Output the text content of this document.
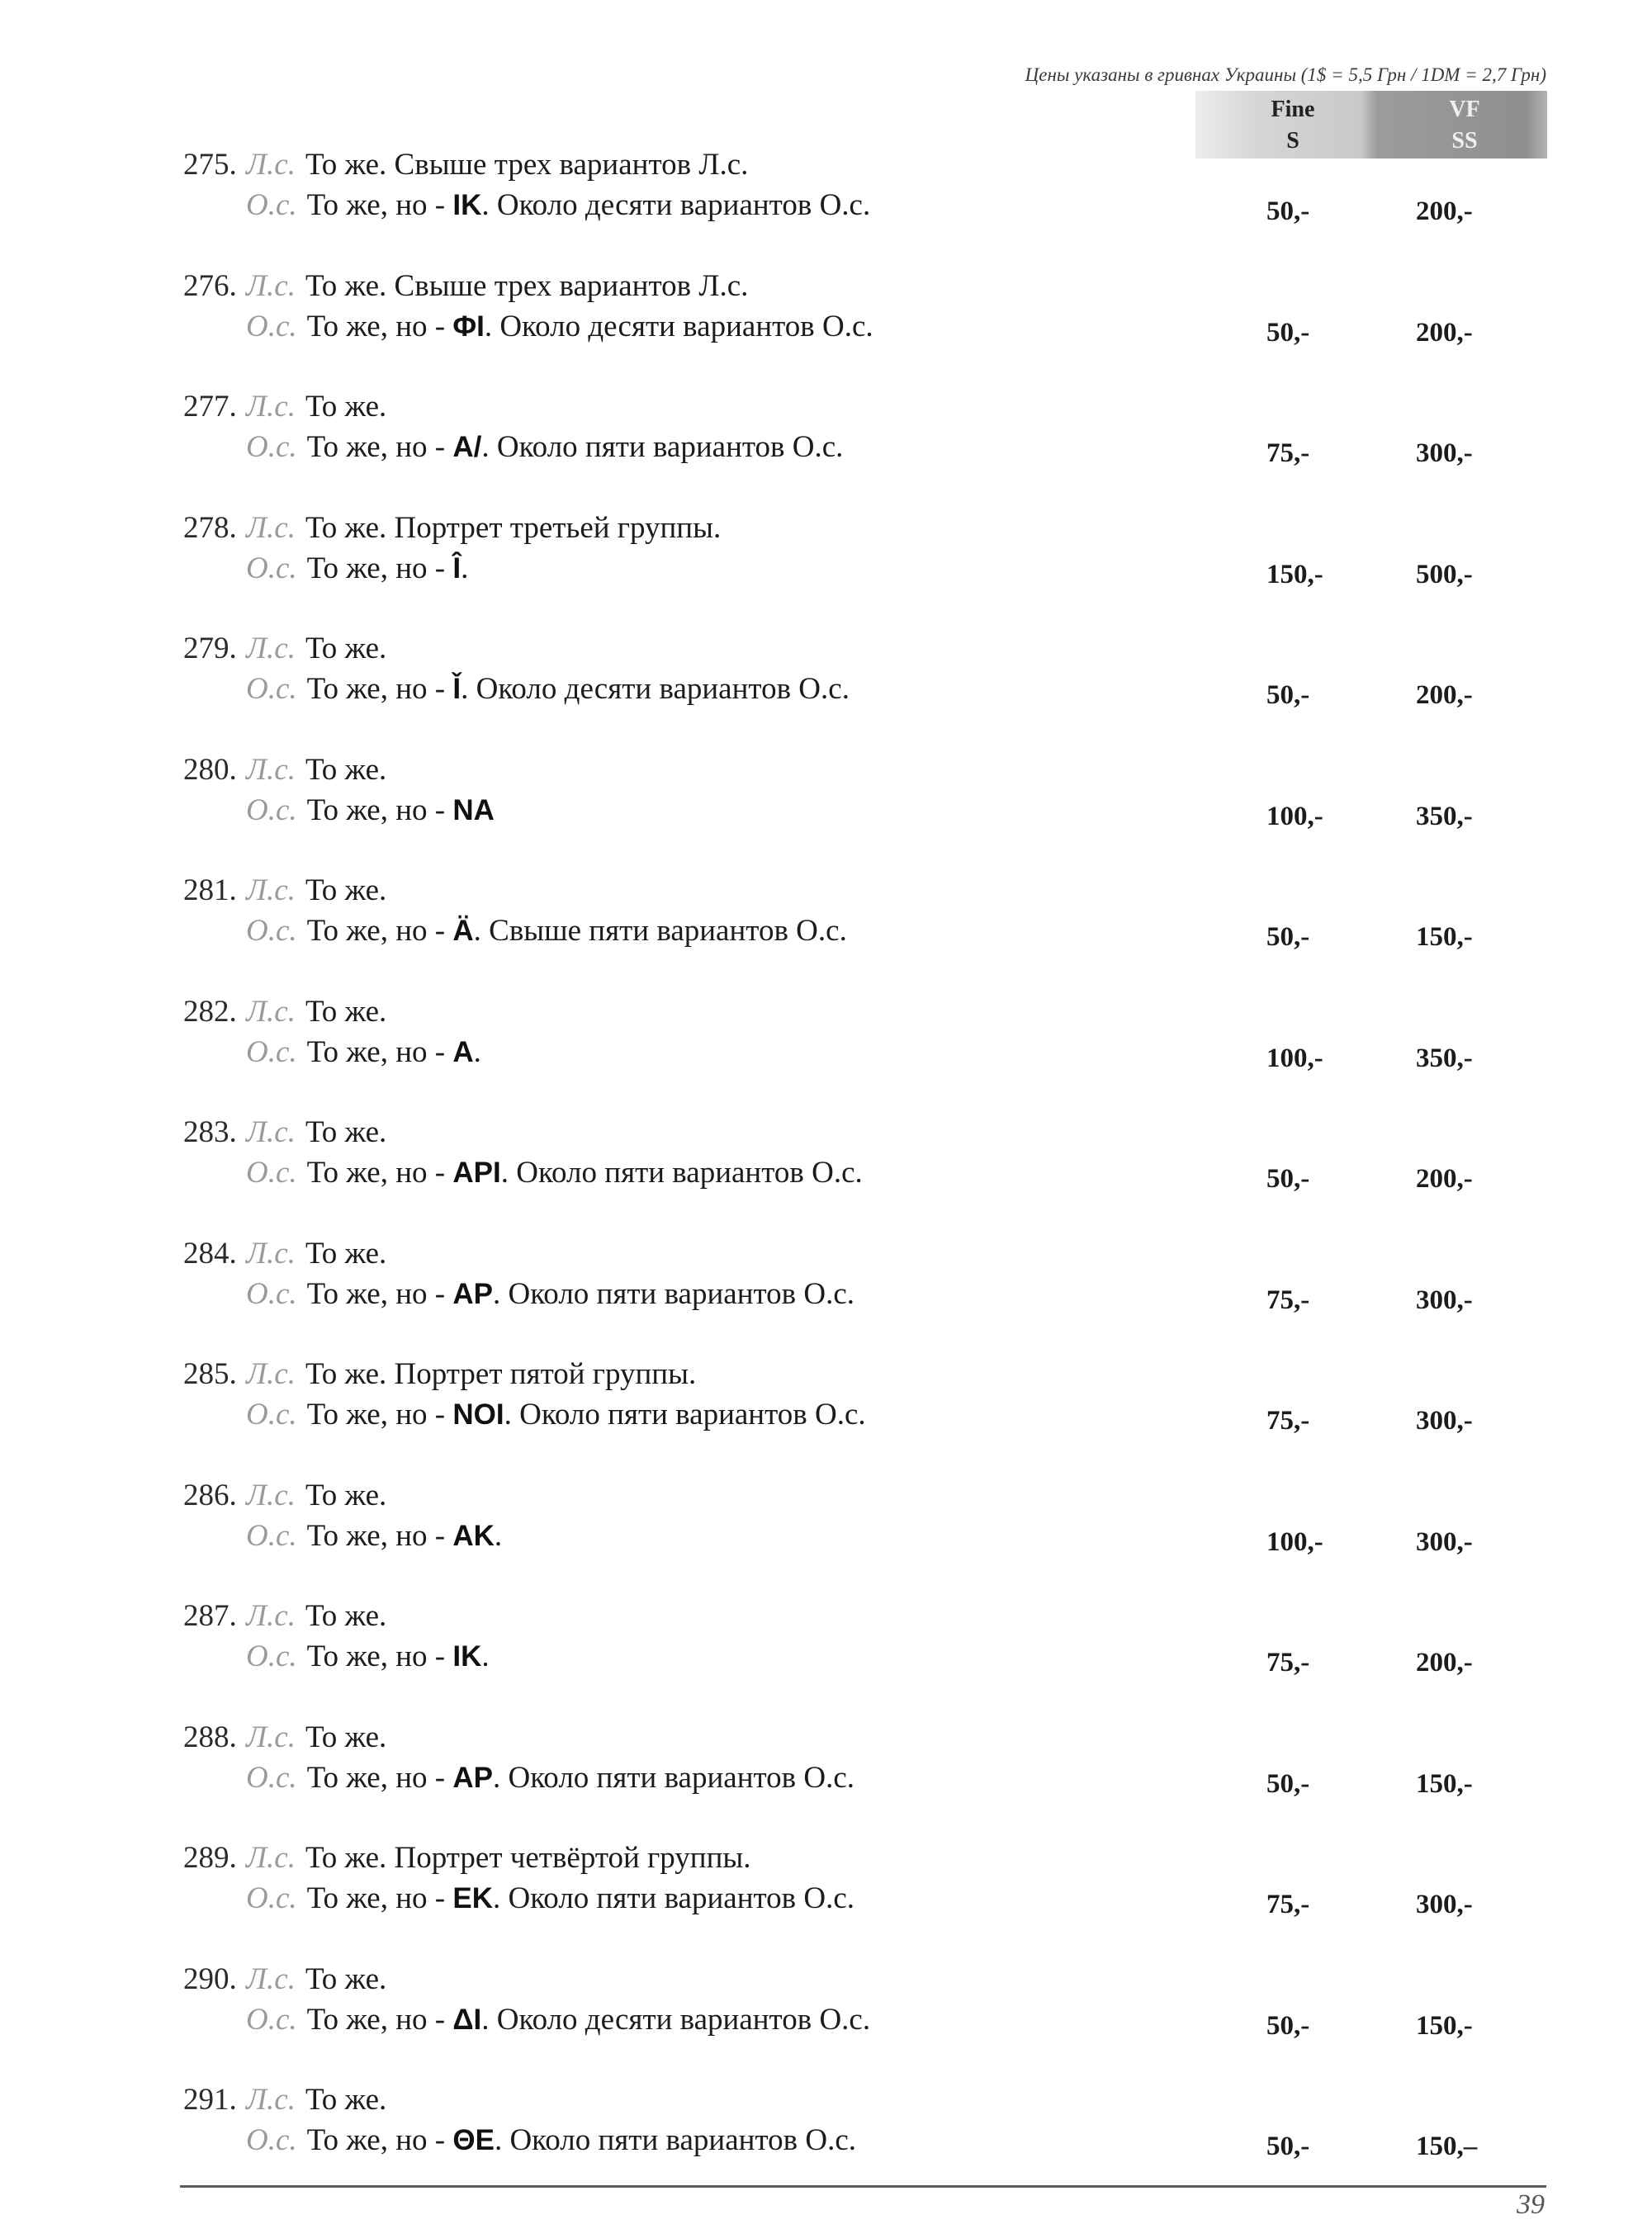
Цены указаны в гривнах Украины (1$ = 5,5 Грн / 1DM = 2,7 Грн)
Fine
S
VF
SS
275. Л.с. То же. Свыше трех вариантов Л.с.
О.с. То же, но - IK. Около десяти вариантов О.с.	50,-	200,-
276. Л.с. То же. Свыше трех вариантов Л.с.
О.с. То же, но - ΦI. Около десяти вариантов О.с.	50,-	200,-
277. Л.с. То же.
О.с. То же, но - A/. Около пяти вариантов О.с.	75,-	300,-
278. Л.с. То же. Портрет третьей группы.
О.с. То же, но - Î.	150,-	500,-
279. Л.с. То же.
О.с. То же, но - Ǐ. Около десяти вариантов О.с.	50,-	200,-
280. Л.с. То же.
О.с. То же, но - NA	100,-	350,-
281. Л.с. То же.
О.с. То же, но - Ä. Свыше пяти вариантов О.с.	50,-	150,-
282. Л.с. То же.
О.с. То же, но - A.	100,-	350,-
283. Л.с. То же.
О.с. То же, но - API. Около пяти вариантов О.с.	50,-	200,-
284. Л.с. То же.
О.с. То же, но - AP. Около пяти вариантов О.с.	75,-	300,-
285. Л.с. То же. Портрет пятой группы.
О.с. То же, но - NOI. Около пяти вариантов О.с.	75,-	300,-
286. Л.с. То же.
О.с. То же, но - AK.	100,-	300,-
287. Л.с. То же.
О.с. То же, но - IK.	75,-	200,-
288. Л.с. То же.
О.с. То же, но - AP. Около пяти вариантов О.с.	50,-	150,-
289. Л.с. То же. Портрет четвёртой группы.
О.с. То же, но - EK. Около пяти вариантов О.с.	75,-	300,-
290. Л.с. То же.
О.с. То же, но - ΔI. Около десяти вариантов О.с.	50,-	150,-
291. Л.с. То же.
О.с. То же, но - ΘE. Около пяти вариантов О.с.	50,-	150,–
39
